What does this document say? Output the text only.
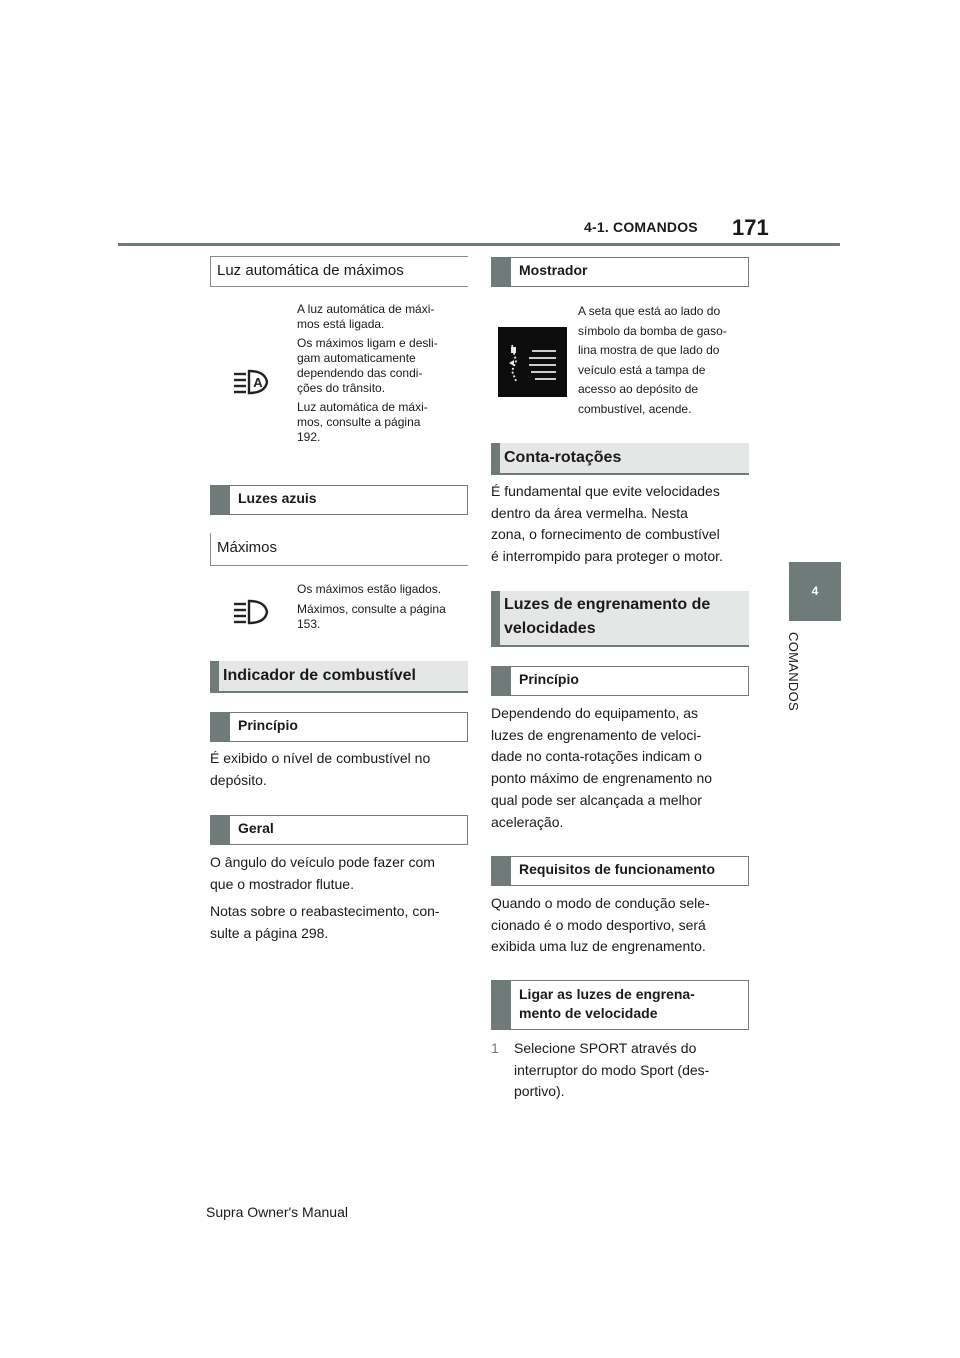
4-1. COMANDOS 171
4
COMANDOS
Luz automática de máximos
A
A luz automática de máxi-
mos está ligada.
Os máximos ligam e desli-
gam automaticamente
dependendo das condi-
ções do trânsito.
Luz automática de máxi-
mos, consulte a página
192.
Luzes azuis
Máximos
Os máximos estão ligados.
Máximos, consulte a página
153.
Indicador de combustível
Princípio
É exibido o nível de combustível no
depósito.
Geral
O ângulo do veículo pode fazer com
que o mostrador flutue.
Notas sobre o reabastecimento, con-
sulte a página 298.
Mostrador
A seta que está ao lado do
símbolo da bomba de gaso-
lina mostra de que lado do
veículo está a tampa de
acesso ao depósito de
combustível, acende.
Conta-rotações
É fundamental que evite velocidades
dentro da área vermelha. Nesta
zona, o fornecimento de combustível
é interrompido para proteger o motor.
Luzes de engrenamento de
velocidades
Princípio
Dependendo do equipamento, as
luzes de engrenamento de veloci-
dade no conta-rotações indicam o
ponto máximo de engrenamento no
qual pode ser alcançada a melhor
aceleração.
Requisitos de funcionamento
Quando o modo de condução sele-
cionado é o modo desportivo, será
exibida uma luz de engrenamento.
Ligar as luzes de engrena-
mento de velocidade
1 Selecione SPORT através do
interruptor do modo Sport (des-
portivo).
Supra Owner's Manual
